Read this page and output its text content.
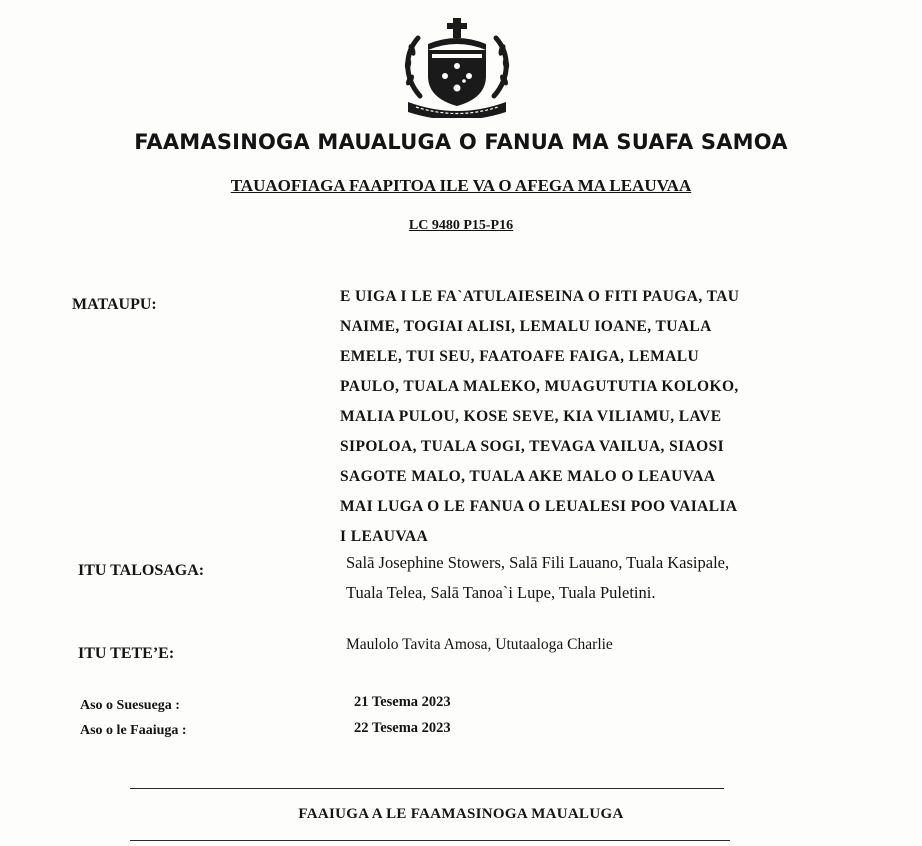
FAAMASINOGA MAUALUGA O FANUA MA SUAFA SAMOA
TAUAOFIAGA FAAPITOA ILE VA O AFEGA MA LEAUVAA
LC 9480 P15-P16
MATAUPU:	E UIGA I LE FA`ATULAIESEINA O FITI PAUGA, TAU
NAIME, TOGIAI ALISI, LEMALU IOANE, TUALA
EMELE, TUI SEU, FAATOAFE FAIGA, LEMALU
PAULO, TUALA MALEKO, MUAGUTUTIA KOLOKO,
MALIA PULOU, KOSE SEVE, KIA VILIAMU, LAVE
SIPOLOA, TUALA SOGI, TEVAGA VAILUA, SIAOSI
SAGOTE MALO, TUALA AKE MALO O LEAUVAA
MAI LUGA O LE FANUA O LEUALESI POO VAIALIA
I LEAUVAA
ITU TALOSAGA:	Salā Josephine Stowers, Salā Fili Lauano, Tuala Kasipale,
Tuala Telea, Salā Tanoa`i Lupe, Tuala Puletini.
ITU TETE’E:
Maulolo Tavita Amosa, Ututaaloga Charlie
Aso o Suesuega :	21 Tesema 2023
Aso o le Faaiuga :	22 Tesema 2023
FAAIUGA A LE FAAMASINOGA MAUALUGA
